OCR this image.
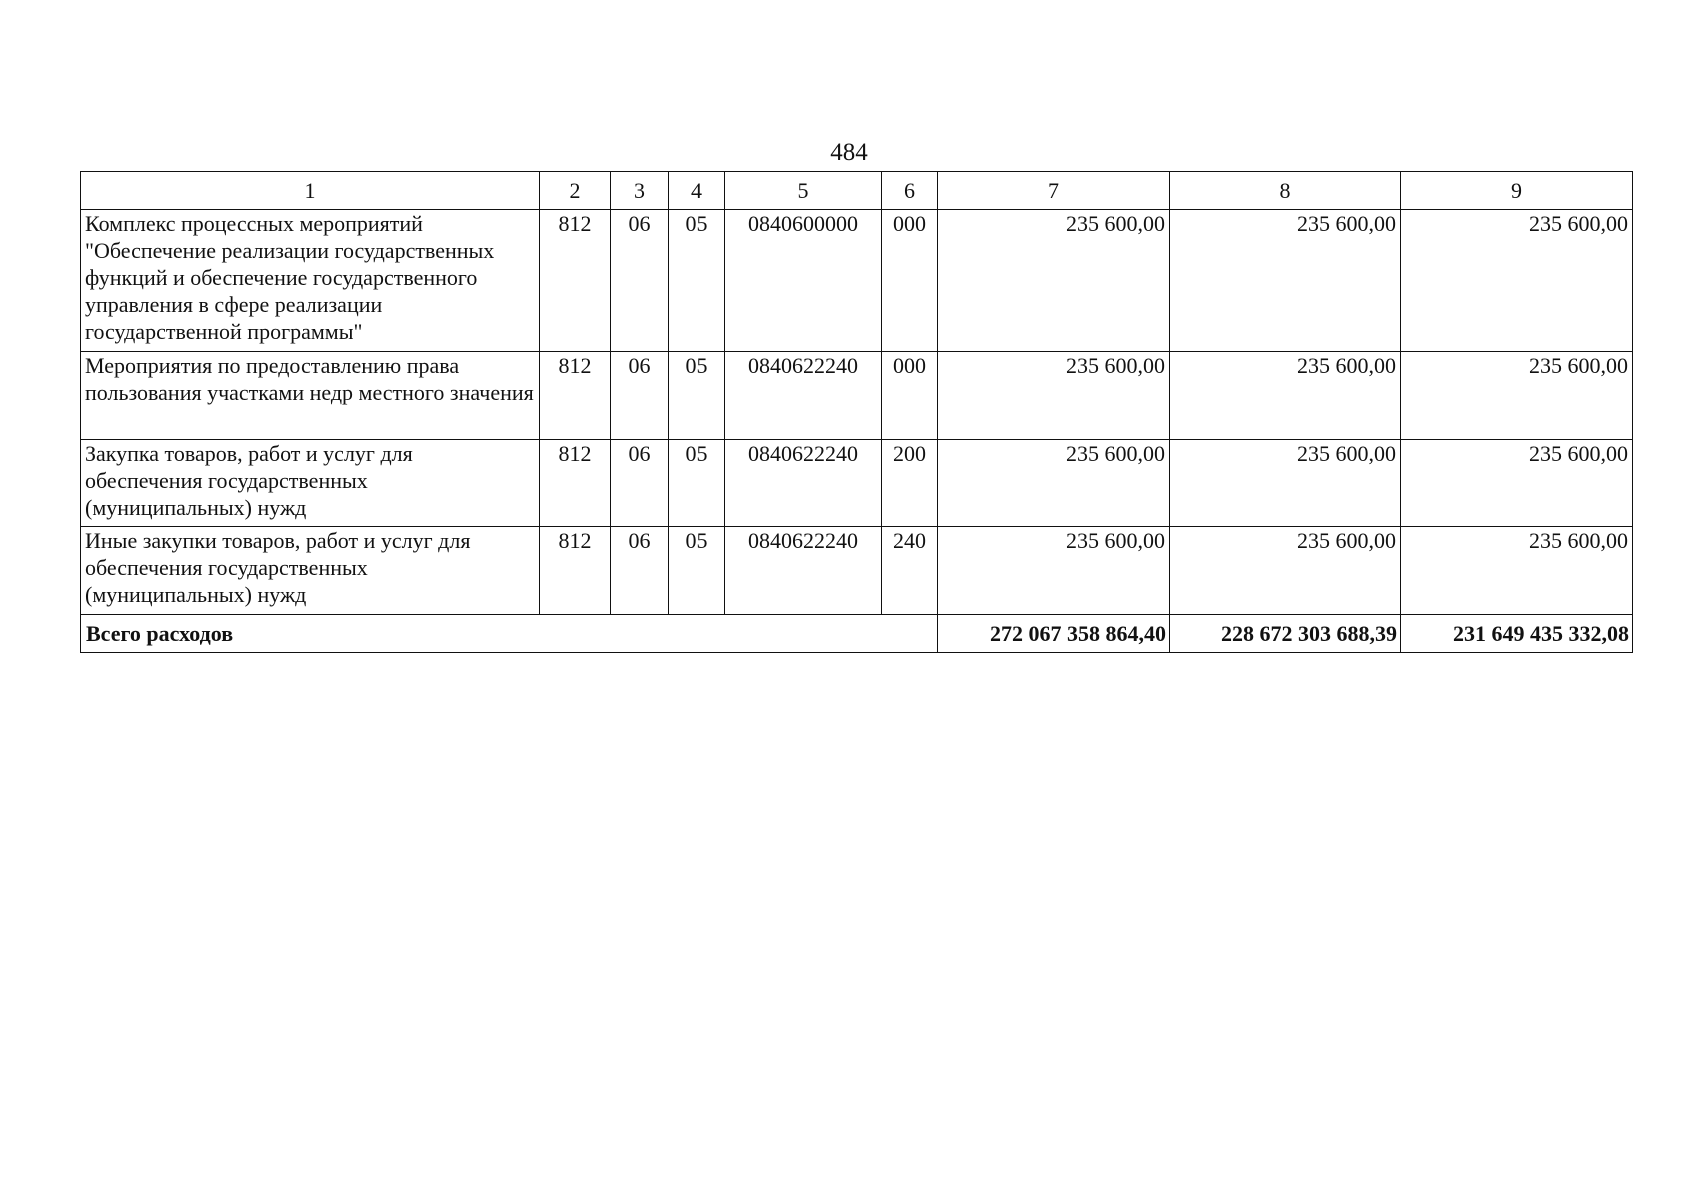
484
1	2	3	4	5	6	7	8	9
Комплекс процессных мероприятий "Обеспечение реализации государственных функций и обеспечение государственного управления в сфере реализации государственной программы"	812	06	05	0840600000	000	235 600,00	235 600,00	235 600,00
Мероприятия по предоставлению права пользования участками недр местного значения	812	06	05	0840622240	000	235 600,00	235 600,00	235 600,00
Закупка товаров, работ и услуг для обеспечения государственных (муниципальных) нужд	812	06	05	0840622240	200	235 600,00	235 600,00	235 600,00
Иные закупки товаров, работ и услуг для обеспечения государственных (муниципальных) нужд	812	06	05	0840622240	240	235 600,00	235 600,00	235 600,00
Всего расходов						272 067 358 864,40	228 672 303 688,39	231 649 435 332,08
